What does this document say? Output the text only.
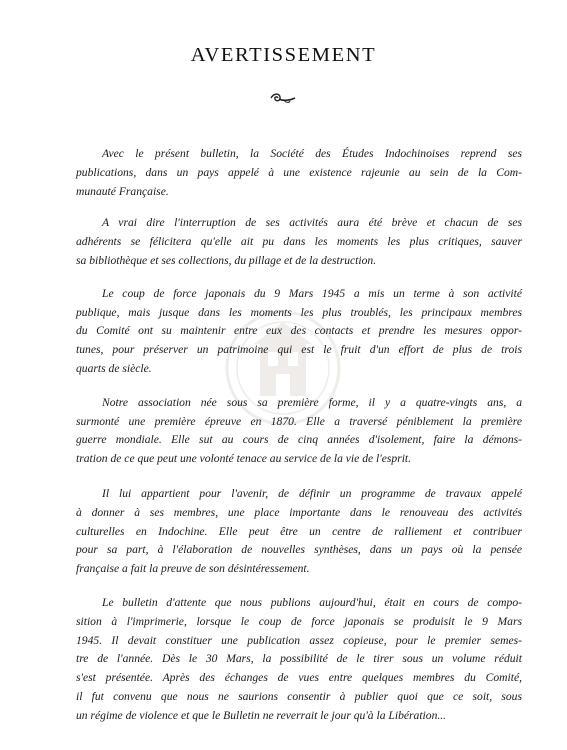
AVERTISSEMENT

Avec le présent bulletin, la Société des Études Indochinoises reprend ses
publications, dans un pays appelé à une existence rajeunie au sein de la Com-
munauté Française.

A vrai dire l'interruption de ses activités aura été brève et chacun de ses
adhérents se félicitera qu'elle ait pu dans les moments les plus critiques, sauver
sa bibliothèque et ses collections, du pillage et de la destruction.

Le coup de force japonais du 9 Mars 1945 a mis un terme à son activité
publique, mais jusque dans les moments les plus troublés, les principaux membres
du Comité ont su maintenir entre eux des contacts et prendre les mesures oppor-
tunes, pour préserver un patrimoine qui est le fruit d'un effort de plus de trois
quarts de siècle.

Notre association née sous sa première forme, il y a quatre-vingts ans, a
surmonté une première épreuve en 1870. Elle a traversé péniblement la première
guerre mondiale. Elle sut au cours de cinq années d'isolement, faire la démons-
tration de ce que peut une volonté tenace au service de la vie de l'esprit.

Il lui appartient pour l'avenir, de définir un programme de travaux appelé
à donner à ses membres, une place importante dans le renouveau des activités
culturelles en Indochine. Elle peut être un centre de ralliement et contribuer
pour sa part, à l'élaboration de nouvelles synthèses, dans un pays où la pensée
française a fait la preuve de son désintéressement.

Le bulletin d'attente que nous publions aujourd'hui, était en cours de compo-
sition à l'imprimerie, lorsque le coup de force japonais se produisit le 9 Mars
1945. Il devait constituer une publication assez copieuse, pour le premier semes-
tre de l'année. Dès le 30 Mars, la possibilité de le tirer sous un volume réduit
s'est présentée. Après des échanges de vues entre quelques membres du Comité,
il fut convenu que nous ne saurions consentir à publier quoi que ce soit, sous
un régime de violence et que le Bulletin ne reverrait le jour qu'à la Libération...
